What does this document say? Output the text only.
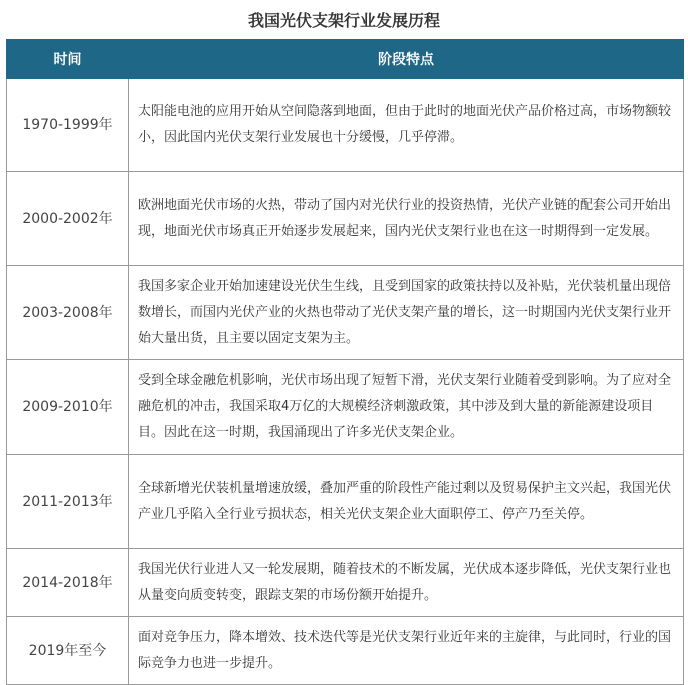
我国光伏支架行业发展历程
时间	阶段特点
1970-1999年	太阳能电池的应用开始从空间隐落到地面，但由于此时的地面光伏产品价格过高，市场物额较小，因此国内光伏支架行业发展也十分缓慢，几乎停滞。
2000-2002年	欧洲地面光伏市场的火热，带动了国内对光伏行业的投资热情，光伏产业链的配套公司开始出现，地面光伏市场真正开始逐步发展起来，国内光伏支架行业也在这一时期得到一定发展。
2003-2008年	我国多家企业开始加速建设光伏生生线，且受到国家的政策扶持以及补贴，光伏装机量出现倍数增长，而国内光伏产业的火热也带动了光伏支架产量的增长，这一时期国内光伏支架行业开始大量出货，且主要以固定支架为主。
2009-2010年	受到全球金融危机影响，光伏市场出现了短暂下滑，光伏支架行业随着受到影响。为了应对全融危机的冲击，我国采取4万亿的大规模经济刺激政策，其中涉及到大量的新能源建设项目目。因此在这一时期，我国涌现出了许多光伏支架企业。
2011-2013年	全球新增光伏装机量增速放缓，叠加严重的阶段性产能过剩以及贸易保护主文兴起，我国光伏产业几乎陷入全行业亏损状态，相关光伏支架企业大面职停工、停产乃至关停。
2014-2018年	我国光伏行业进人又一轮发展期，随着技术的不断发属，光伏成本逐步降低，光伏支架行业也从量变向质变转变，跟踪支架的市场份额开始提升。
2019年至今	面对竞争压力，降本增效、技术迭代等是光伏支架行业近年来的主旋律，与此同时，行业的国际竞争力也进一步提升。
